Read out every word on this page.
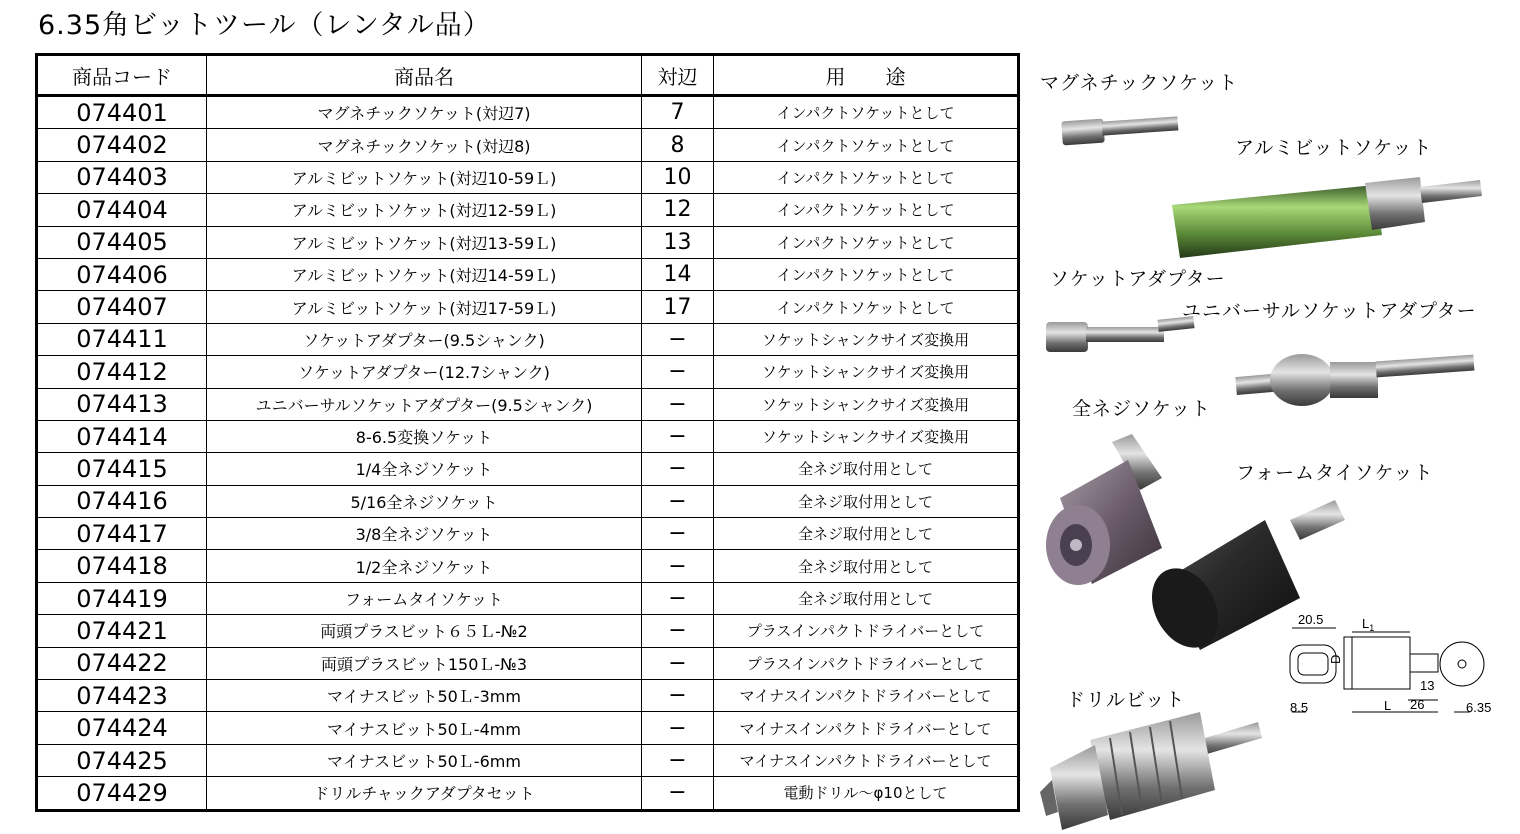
6.35角ビットツール（レンタル品）
商品コード	商品名	対辺	用　　途
074401	マグネチックソケット(対辺7)	7	インパクトソケットとして
074402	マグネチックソケット(対辺8)	8	インパクトソケットとして
074403	アルミビットソケット(対辺10-59Ｌ)	10	インパクトソケットとして
074404	アルミビットソケット(対辺12-59Ｌ)	12	インパクトソケットとして
074405	アルミビットソケット(対辺13-59Ｌ)	13	インパクトソケットとして
074406	アルミビットソケット(対辺14-59Ｌ)	14	インパクトソケットとして
074407	アルミビットソケット(対辺17-59Ｌ)	17	インパクトソケットとして
074411	ソケットアダプター(9.5シャンク)	−	ソケットシャンクサイズ変換用
074412	ソケットアダプター(12.7シャンク)	−	ソケットシャンクサイズ変換用
074413	ユニバーサルソケットアダプター(9.5シャンク)	−	ソケットシャンクサイズ変換用
074414	8-6.5変換ソケット	−	ソケットシャンクサイズ変換用
074415	1/4全ネジソケット	−	全ネジ取付用として
074416	5/16全ネジソケット	−	全ネジ取付用として
074417	3/8全ネジソケット	−	全ネジ取付用として
074418	1/2全ネジソケット	−	全ネジ取付用として
074419	フォームタイソケット	−	全ネジ取付用として
074421	両頭プラスビット６５Ｌ-№2	−	プラスインパクトドライバーとして
074422	両頭プラスビット150Ｌ-№3	−	プラスインパクトドライバーとして
074423	マイナスビット50Ｌ-3mm	−	マイナスインパクトドライバーとして
074424	マイナスビット50Ｌ-4mm	−	マイナスインパクトドライバーとして
074425	マイナスビット50Ｌ-6mm	−	マイナスインパクトドライバーとして
074429	ドリルチャックアダプタセット	−	電動ドリル～φ10として
20.5	$L_1$
D
13
8.5	L 26	6.35
マグネチックソケット
アルミビットソケット
ソケットアダプター
ユニバーサルソケットアダプター
全ネジソケット
フォームタイソケット
ドリルビット
